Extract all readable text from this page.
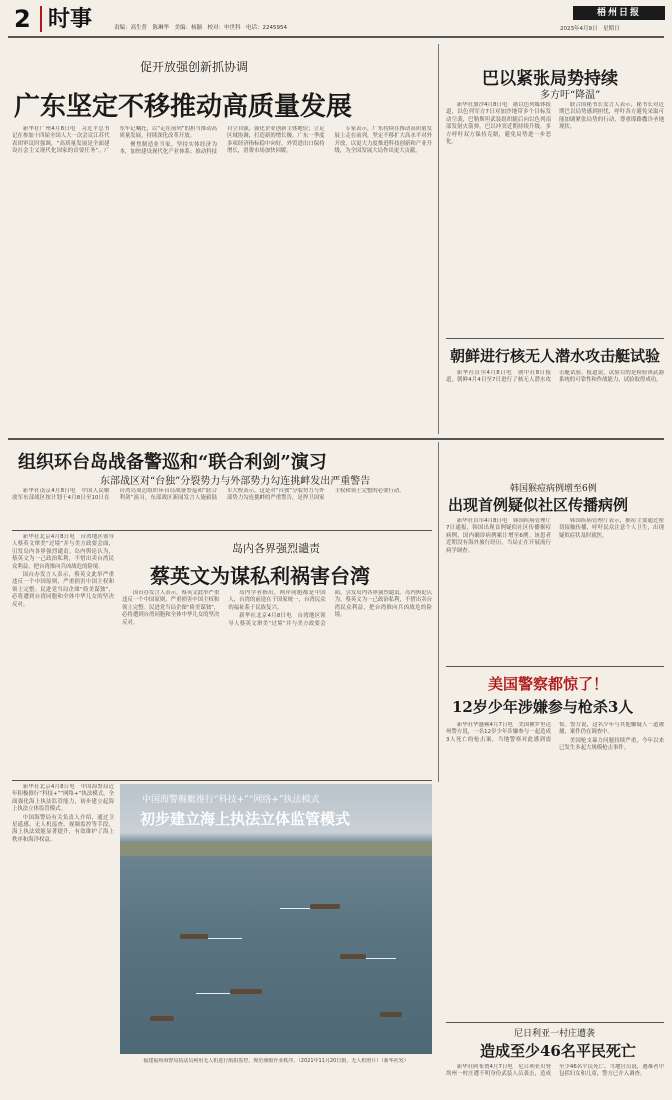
2 时事	责编：高生普　陈琳华　美编：杨颖　校对：申世科　电话：2245954
梧州日报
2023年4月9日　星期日
促开放强创新抓协调
广东坚定不移推动高质量发展

新华社广州4月8日电　习近平总书记在参加十四届全国人大一次会议江苏代表团审议时强调，“高质量发展是全面建设社会主义现代化国家的首要任务”。广东牢记嘱托，以“走在前列”的担当推动高质量发展，持续深化改革开放。

聚焦制造业当家，坚持实体经济为本，加快建设现代化产业体系；推动科技自立自强，强化企业创新主体地位；立足区域协调，打造新的增长极。广东一季度多项经济指标稳中向好，外贸进出口保持增长，消费市场加快回暖。

专家表示，广东持续在推动高质量发展上走在前列，坚定不移扩大高水平对外开放，以更大力度推进科技创新和产业升级，为全国发展大局作出更大贡献。

巴以紧张局势持续
多方吁“降温”

新华社加沙4月8日电　据以色列媒体报道，以色列军方7日对加沙地带多个目标发动空袭，巴勒斯坦武装组织随后向以色列南部发射火箭弹。巴以冲突近期持续升级，多方呼吁双方保持克制，避免局势进一步恶化。

联合国秘书长发言人表示，秘书长对近期巴以局势感到担忧，呼吁各方避免采取可能加剧紧张局势的行动，尊重耶路撒冷圣地现状。

朝鲜进行核无人潜水攻击艇试验

新华社首尔4月8日电　朝中社8日报道，朝鲜4月4日至7日进行了核无人潜水攻击艇试验。报道说，试验目的是检验该武器系统的可靠性和作战能力，试验取得成功。

组织环台岛战备警巡和“联合利剑”演习
东部战区对“台独”分裂势力与外部势力勾连挑衅发出严重警告

新华社南京4月8日电　中国人民解放军东部战区按计划于4月8日至10日在台湾岛周边组织环台岛战备警巡和“联合利剑”演习。东部战区新闻发言人施毅陆军大校表示，这是对“台独”分裂势力与外部势力勾连挑衅的严重警告，是捍卫国家主权和领土完整的必要行动。

新华社北京4月8日电　台湾地区领导人蔡英文窜美“过境”并与美方政要会面，引发岛内各界强烈谴责。岛内舆论认为，蔡英文为一己政治私利，不惜出卖台湾民众利益，把台湾推向兵凶战危的险境。

国台办发言人表示，蔡英文此举严重违反一个中国原则，严重损害中国主权和领土完整。民进党当局企图“倚美谋独”，必将遭到台湾同胞和全体中华儿女的坚决反对。

岛内各界强烈谴责
蔡英文为谋私利祸害台湾

国台办发言人表示，蔡英文此举严重违反一个中国原则，严重损害中国主权和领土完整。民进党当局企图“倚美谋独”，必将遭到台湾同胞和全体中华儿女的坚决反对。

岛内学者指出，两岸同胞都是中国人，台湾的前途在于国家统一，台湾民众的福祉系于民族复兴。

新华社北京4月8日电　台湾地区领导人蔡英文窜美“过境”并与美方政要会面，引发岛内各界强烈谴责。岛内舆论认为，蔡英文为一己政治私利，不惜出卖台湾民众利益，把台湾推向兵凶战危的险境。

韩国猴痘病例增至6例
出现首例疑似社区传播病例

新华社首尔4月8日电　韩国疾病管理厅7日通报，韩国出现首例疑似社区传播猴痘病例，国内确诊病例累计增至6例。该患者近期没有海外旅行经历，当局正在开展流行病学调查。

韩国疾病管理厅表示，猴痘主要通过密切接触传播，呼吁民众注意个人卫生，出现疑似症状及时就医。

美国警察都惊了！
12岁少年涉嫌参与枪杀3人

新华社华盛顿4月7日电　美国佛罗里达州警方说，一名12岁少年涉嫌参与一起造成3人死亡的枪击案，当地警察对此感到震惊。警方说，这名少年与其他嫌疑人一道被捕，案件仍在调查中。

美国枪支暴力问题持续严重，今年以来已发生多起大规模枪击事件。

新华社北京4月8日电　中国海警局近年积极推行“科技+”“网络+”执法模式，全面强化海上执法监管能力，初步建立起海上执法立体监管模式。

中国海警局有关负责人介绍，通过卫星遥感、无人机巡查、视频监控等手段，海上执法效能显著提升，有效维护了海上秩序和海洋权益。

中国海警舰艇推行“科技+”“网络+”执法模式
初步建立海上执法立体监管模式
福建福州海警局执法员利用无人机进行航拍监控，规范渔船作业秩序。（2021年11月20日摄，无人机照片）（新华社发）
尼日利亚一村庄遭袭
造成至少46名平民死亡

新华社阿布贾4月7日电　尼日利亚贝努埃州一村庄遭不明身份武装人员袭击，造成至少46名平民死亡。当地官员说，遇难者中包括妇女和儿童，警方已介入调查。
